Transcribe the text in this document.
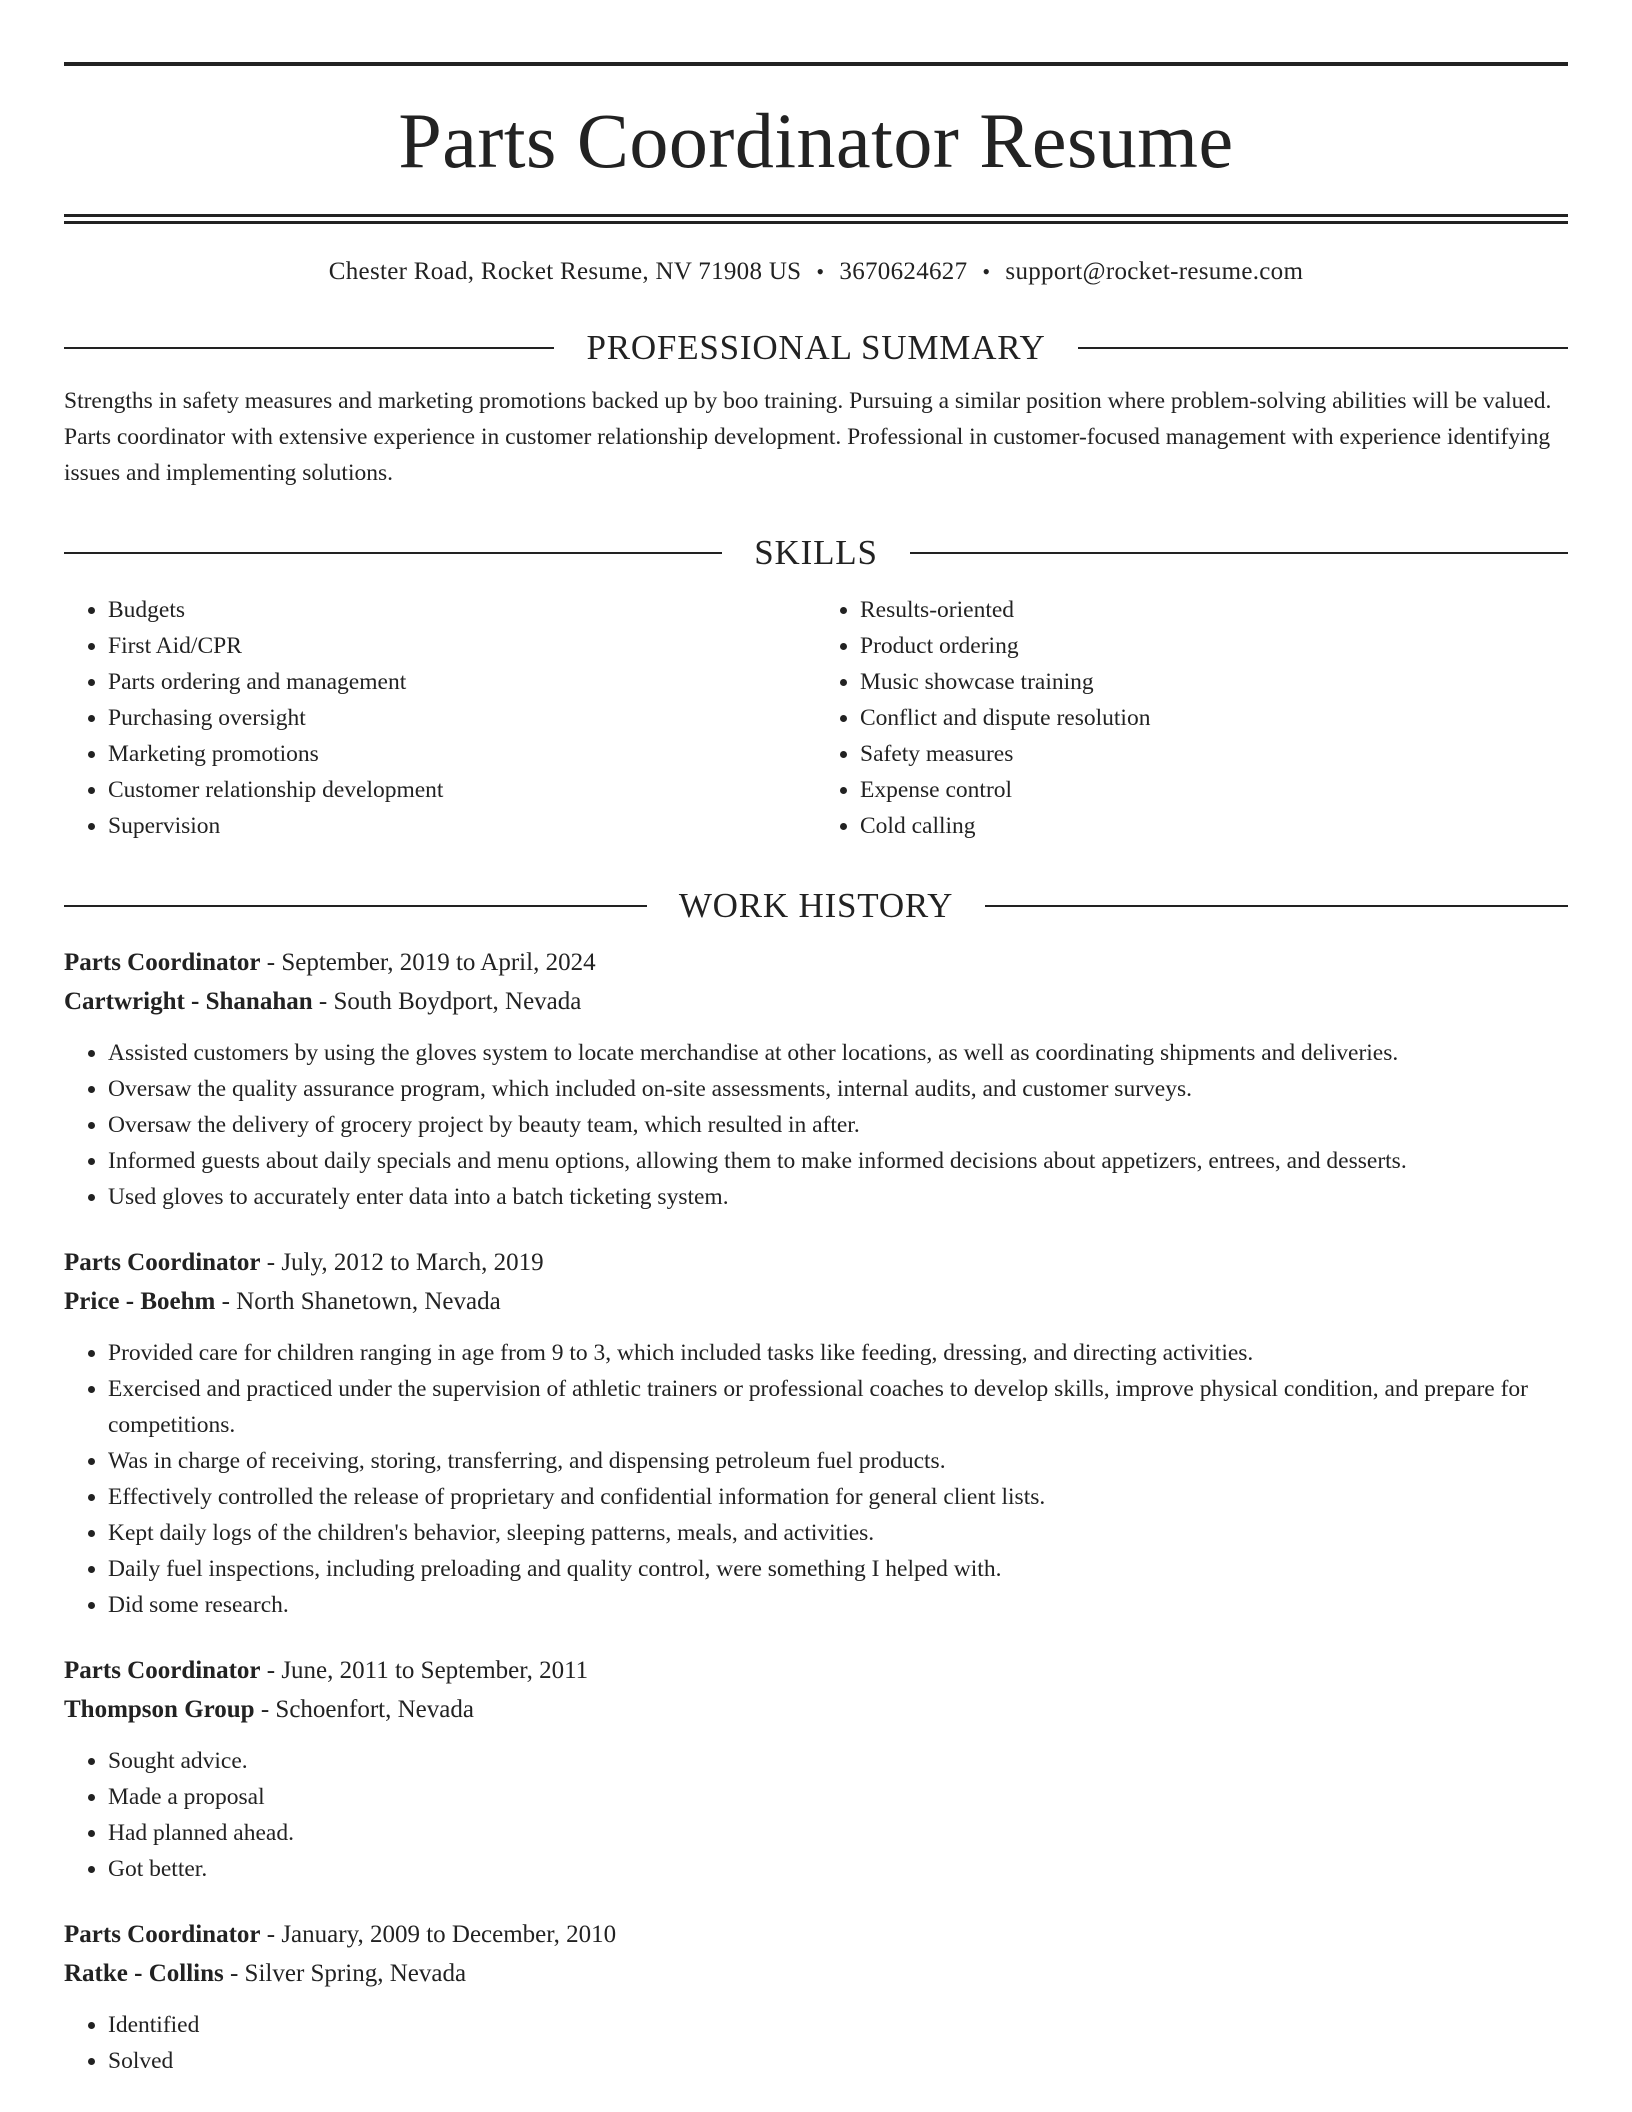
Parts Coordinator Resume
Chester Road, Rocket Resume, NV 71908 US • 3670624627 • support@rocket-resume.com
PROFESSIONAL SUMMARY
Strengths in safety measures and marketing promotions backed up by boo training. Pursuing a similar position where problem-solving abilities will be valued. Parts coordinator with extensive experience in customer relationship development. Professional in customer-focused management with experience identifying issues and implementing solutions.
SKILLS
• Budgets
• First Aid/CPR
• Parts ordering and management
• Purchasing oversight
• Marketing promotions
• Customer relationship development
• Supervision
• Results-oriented
• Product ordering
• Music showcase training
• Conflict and dispute resolution
• Safety measures
• Expense control
• Cold calling
WORK HISTORY
Parts Coordinator - September, 2019 to April, 2024
Cartwright - Shanahan - South Boydport, Nevada
• Assisted customers by using the gloves system to locate merchandise at other locations, as well as coordinating shipments and deliveries.
• Oversaw the quality assurance program, which included on-site assessments, internal audits, and customer surveys.
• Oversaw the delivery of grocery project by beauty team, which resulted in after.
• Informed guests about daily specials and menu options, allowing them to make informed decisions about appetizers, entrees, and desserts.
• Used gloves to accurately enter data into a batch ticketing system.
Parts Coordinator - July, 2012 to March, 2019
Price - Boehm - North Shanetown, Nevada
• Provided care for children ranging in age from 9 to 3, which included tasks like feeding, dressing, and directing activities.
• Exercised and practiced under the supervision of athletic trainers or professional coaches to develop skills, improve physical condition, and prepare for competitions.
• Was in charge of receiving, storing, transferring, and dispensing petroleum fuel products.
• Effectively controlled the release of proprietary and confidential information for general client lists.
• Kept daily logs of the children's behavior, sleeping patterns, meals, and activities.
• Daily fuel inspections, including preloading and quality control, were something I helped with.
• Did some research.
Parts Coordinator - June, 2011 to September, 2011
Thompson Group - Schoenfort, Nevada
• Sought advice.
• Made a proposal
• Had planned ahead.
• Got better.
Parts Coordinator - January, 2009 to December, 2010
Ratke - Collins - Silver Spring, Nevada
• Identified
• Solved
